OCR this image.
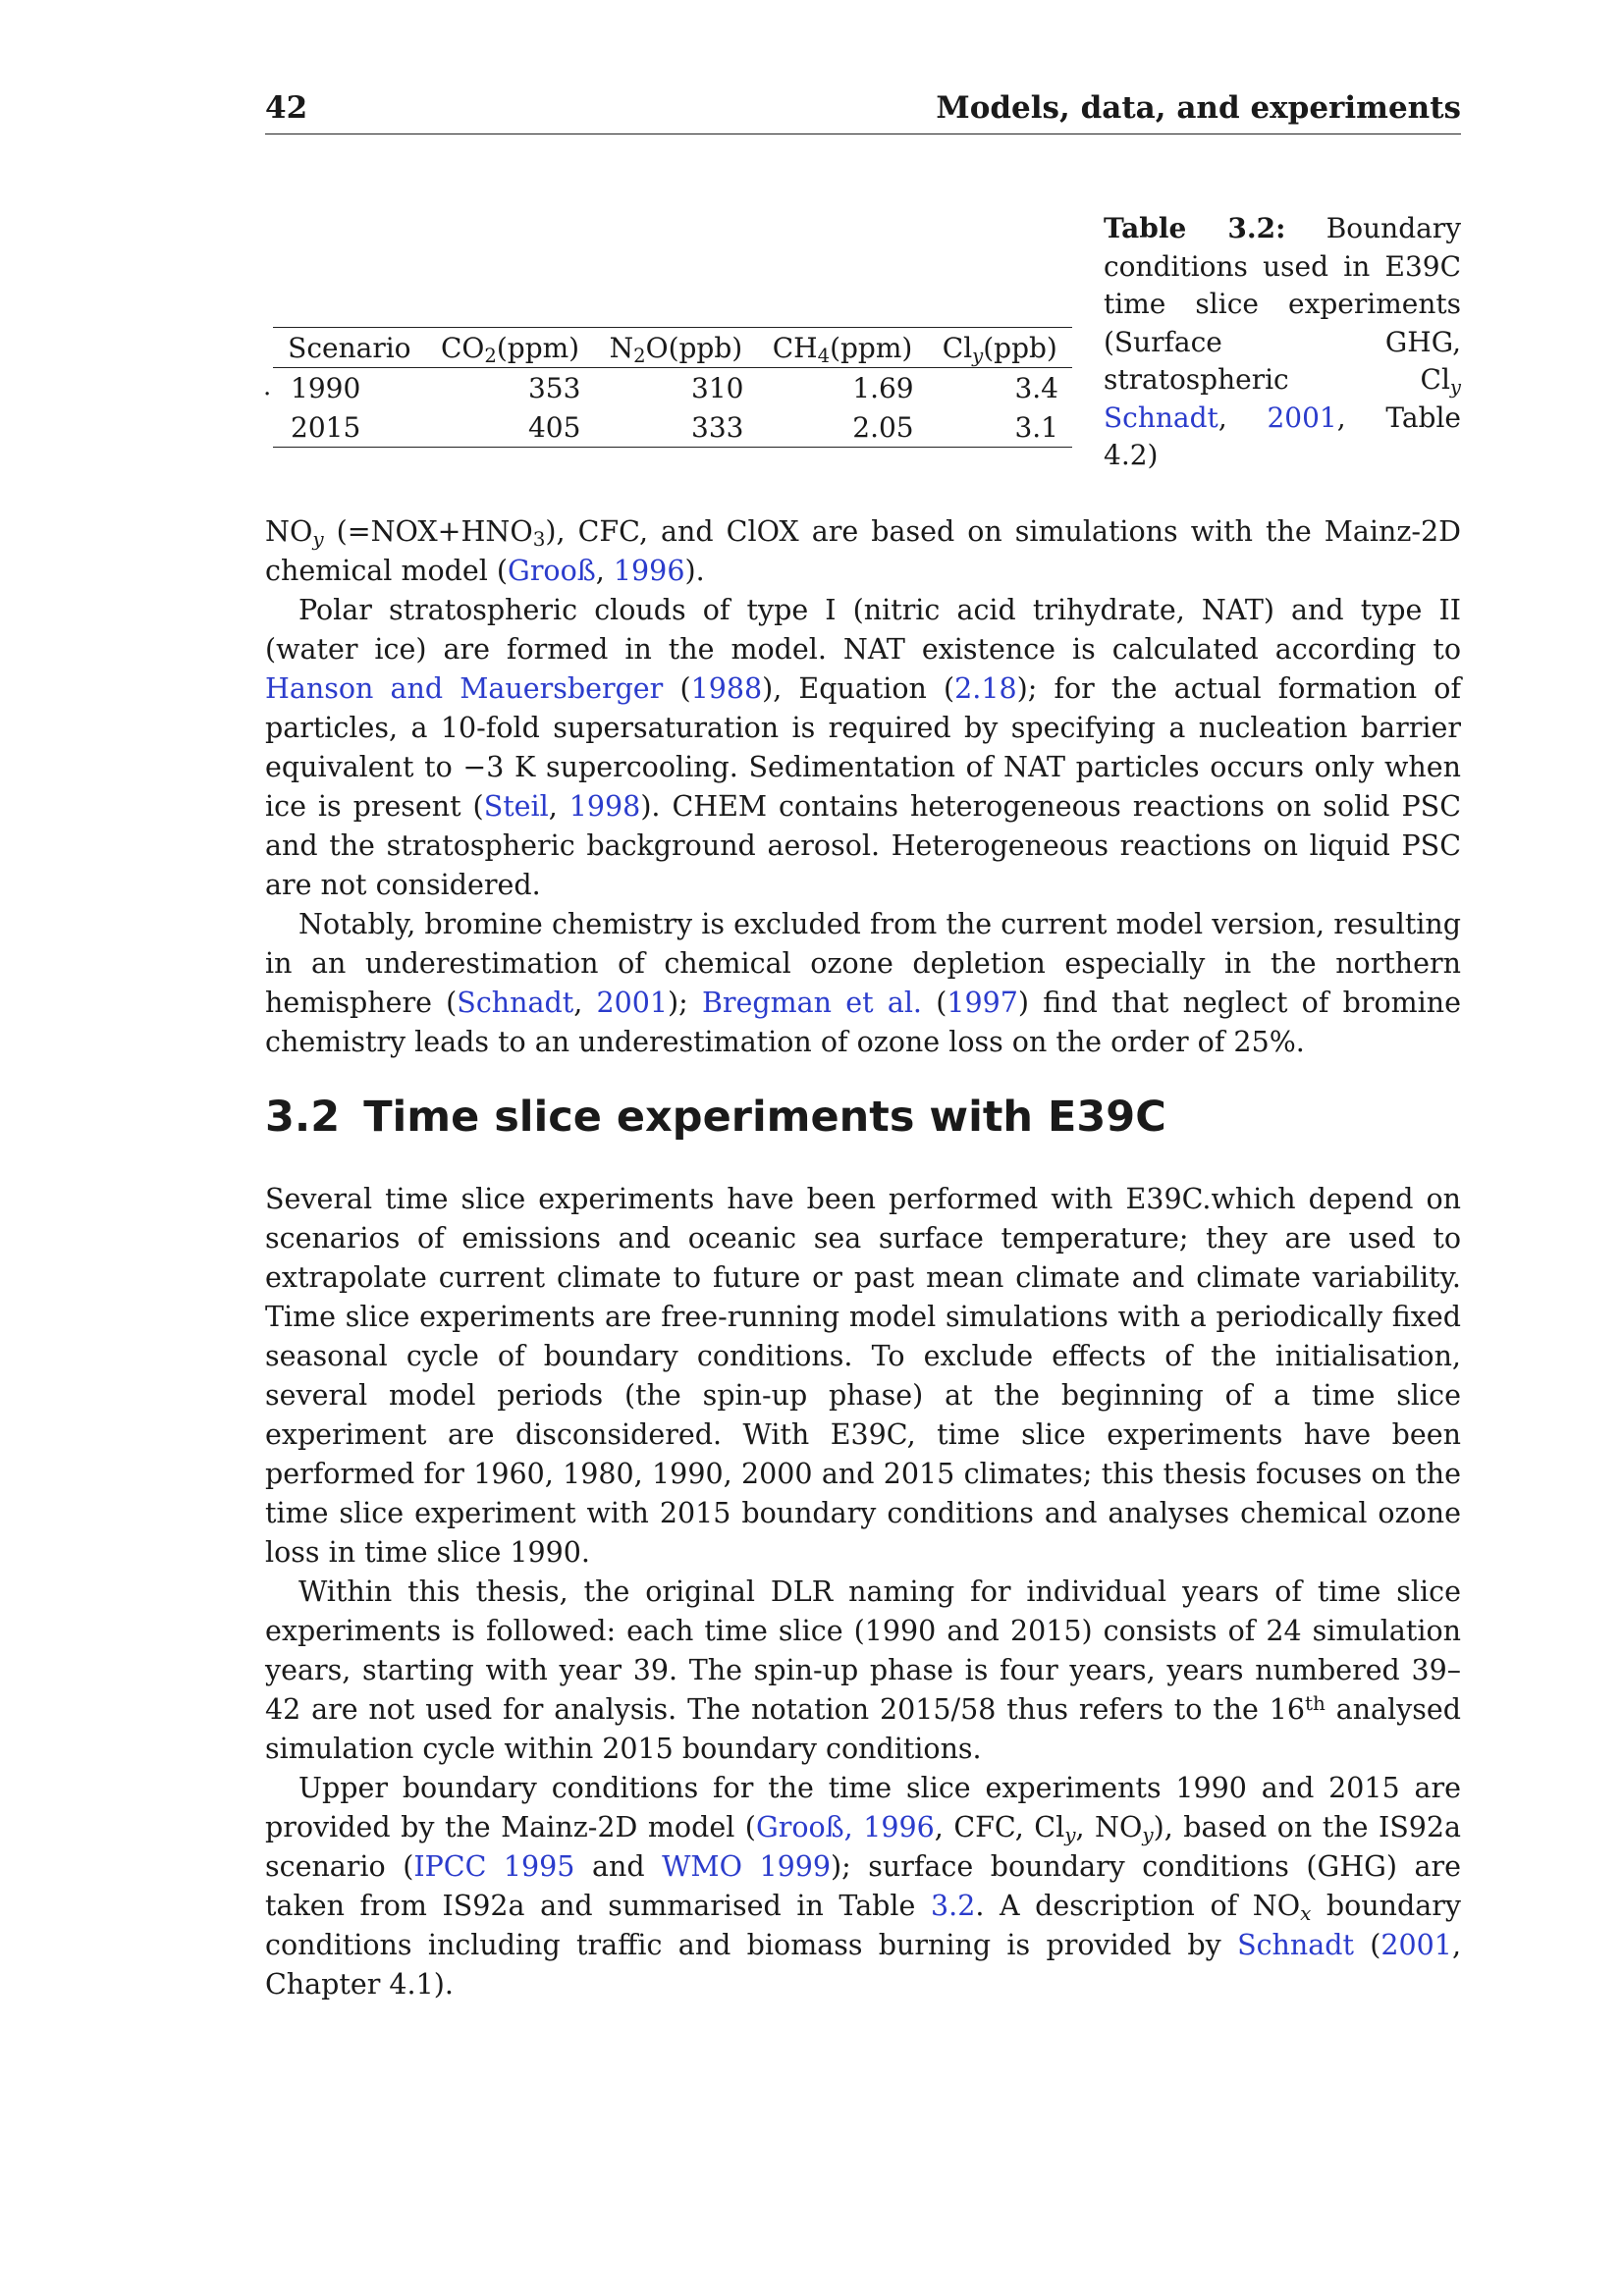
42	Models, data, and experiments
Scenario	$CO_2(ppm)$	$N_2O(ppb)$	$CH_4(ppm)$	$Cl_y(ppb)$

. 1990	353	310	1.69	3.4
2015	405	333	2.05	3.1
Table 3.2: Boundary conditions used in E39C time slice experiments (Surface GHG, stratospheric $Cl_y$ Schnadt, 2001, Table 4.2)

$NO_y$ $(=NOX+HNO_3)$, CFC, and ClOX are based on simulations with the Mainz-2D chemical model (Grooß, 1996).

Polar stratospheric clouds of type I (nitric acid trihydrate, NAT) and type II (water ice) are formed in the model. NAT existence is calculated according to Hanson and Mauersberger (1988), Equation (2.18); for the actual formation of particles, a 10-fold supersaturation is required by specifying a nucleation barrier equivalent to −3 K supercooling. Sedimentation of NAT particles occurs only when ice is present (Steil, 1998). CHEM contains heterogeneous reactions on solid PSC and the stratospheric background aerosol. Heterogeneous reactions on liquid PSC are not considered.

Notably, bromine chemistry is excluded from the current model version, resulting in an underestimation of chemical ozone depletion especially in the northern hemisphere (Schnadt, 2001); Bregman et al. (1997) find that neglect of bromine chemistry leads to an underestimation of ozone loss on the order of 25%.

3.2 Time slice experiments with E39C

Several time slice experiments have been performed with E39C.which depend on scenarios of emissions and oceanic sea surface temperature; they are used to extrapolate current climate to future or past mean climate and climate variability. Time slice experiments are free-running model simulations with a periodically fixed seasonal cycle of boundary conditions. To exclude effects of the initialisation, several model periods (the spin-up phase) at the beginning of a time slice experiment are disconsidered. With E39C, time slice experiments have been performed for 1960, 1980, 1990, 2000 and 2015 climates; this thesis focuses on the time slice experiment with 2015 boundary conditions and analyses chemical ozone loss in time slice 1990.

Within this thesis, the original DLR naming for individual years of time slice experiments is followed: each time slice (1990 and 2015) consists of 24 simulation years, starting with year 39. The spin-up phase is four years, years numbered 39–42 are not used for analysis. The notation 2015/58 thus refers to the 16th analysed simulation cycle within 2015 boundary conditions.

Upper boundary conditions for the time slice experiments 1990 and 2015 are provided by the Mainz-2D model (Grooß, 1996, CFC, $Cl_y$, $NO_y$), based on the IS92a scenario (IPCC 1995 and WMO 1999); surface boundary conditions (GHG) are taken from IS92a and summarised in Table 3.2. A description of $NO_x$ boundary conditions including traffic and biomass burning is provided by Schnadt (2001, Chapter 4.1).
